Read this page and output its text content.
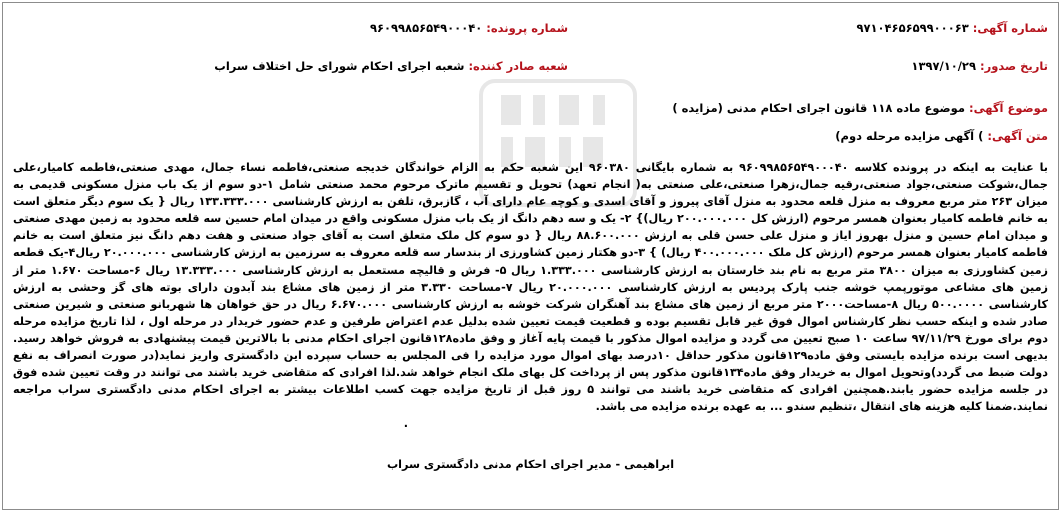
شماره آگهی: ۹۷۱۰۴۶۵۶۵۹۹۰۰۰۶۳
شماره پرونده: ۹۶۰۹۹۸۵۶۵۴۹۰۰۰۴۰
تاریخ صدور: ۱۳۹۷/۱۰/۲۹
شعبه صادر کننده: شعبه اجرای احکام شورای حل اختلاف سراب
موضوع آگهی: موضوع ماده ۱۱۸ قانون اجرای احکام مدنی (مزایده )
متن آگهی: ) آگهی مزایده مرحله دوم)
با عنایت به اینکه در پرونده کلاسه ۹۶۰۹۹۸۵۶۵۴۹۰۰۰۴۰ به شماره بایگانی ۹۶۰۳۸۰ این شعبه حکم به الزام خواندگان خدیجه صنعتی،فاطمه نساء جمال، مهدی صنعتی،فاطمه کامیار،علی جمال،شوکت صنعتی،جواد صنعتی،رقیه جمال،زهرا صنعتی،علی صنعتی به( انجام تعهد) تحویل و تقسیم ماترک مرحوم محمد صنعتی شامل ۱-دو سوم از یک باب منزل مسکونی قدیمی به میزان ۲۶۳ متر مربع معروف به منزل قلعه محدود به منزل آقای پیروز و آقای اسدی و کوچه عام دارای آب ، گازبرق، تلفن به ارزش کارشناسی ۱۳۳.۳۳۳.۰۰۰ ریال { یک سوم دیگر متعلق است به خانم فاطمه کامیار بعنوان همسر مرحوم (ارزش کل ۲۰۰.۰۰۰.۰۰۰ ریال)} ۲- یک و سه دهم دانگ از یک باب منزل مسکونی واقع در میدان امام حسین سه قلعه محدود به زمین مهدی صنعتی و میدان امام حسین و منزل بهروز ایاز و منزل علی حسن قلی به ارزش ۸۸.۶۰۰.۰۰۰ ریال { دو سوم کل ملک متعلق است به آقای جواد صنعتی و هفت دهم دانگ نیز متعلق است به خانم فاطمه کامیار بعنوان همسر مرحوم (ارزش کل ملک ۴۰۰.۰۰۰.۰۰۰ ریال) } ۳-دو هکتار زمین کشاورزی از بندسار سه قلعه معروف به سرزمین به ارزش کارشناسی ۲۰.۰۰۰.۰۰۰ ریال۴-یک قطعه زمین کشاورزی به میزان ۳۸۰۰ متر مربع به نام بند خارستان به ارزش کارشناسی ۱.۳۳۳.۰۰۰ ریال ۵- فرش و قالیچه مستعمل به ارزش کارشناسی ۱۳.۳۳۳.۰۰۰ ریال ۶-مساحت ۱.۶۷۰ متر از زمین های مشاعی موتورپمپ خوشه جنب پارک پردیس به ارزش کارشناسی ۲۰.۰۰۰.۰۰۰ ریال ۷-مساحت ۳.۳۳۰ متر از زمین های مشاع بند آبدون دارای بوته های گز وحشی به ارزش کارشناسی ۵۰۰.۰۰۰۰ ریال ۸-مساحت۲۰۰۰ متر مربع از زمین های مشاع بند آهنگران شرکت خوشه به ارزش کارشناسی ۶.۶۷۰.۰۰۰ ریال در حق خواهان ها شهربانو صنعتی و شیرین صنعتی صادر شده و اینکه حسب نظر کارشناس اموال فوق غیر قابل تقسیم بوده و قطعیت قیمت تعیین شده بدلیل عدم اعتراض طرفین و عدم حضور خریدار در مرحله اول ، لذا تاریخ مزایده مرحله دوم برای مورخ ۹۷/۱۱/۲۹ ساعت ۱۰ صبح تعیین می گردد و مزایده اموال مذکور با قیمت پایه آغاز و وفق ماده۱۲۸قانون اجرای احکام مدنی با بالاترین قیمت پیشنهادی به فروش خواهد رسید. بدیهی است برنده مزایده بایستی وفق ماده۱۲۹قانون مذکور حداقل ۱۰درصد بهای اموال مورد مزایده را فی المجلس به حساب سپرده این دادگستری واریز نماید(در صورت انصراف به نفع دولت ضبط می گردد)وتحویل اموال به خریدار وفق ماده۱۳۴قانون مذکور پس از پرداخت کل بهای ملک انجام خواهد شد.لذا افرادی که متقاضی خرید باشند می توانند در وقت تعیین شده فوق در جلسه مزایده حضور یابند.همچنین افرادی که متقاضی خرید باشند می توانند ۵ روز قبل از تاریخ مزایده جهت کسب اطلاعات بیشتر به اجرای احکام مدنی دادگستری سراب مراجعه نمایند.ضمنا کلیه هزینه های انتقال ،تنظیم سندو ... به عهده برنده مزایده می باشد.
.
ابراهیمی - مدیر اجرای احکام مدنی دادگستری سراب
